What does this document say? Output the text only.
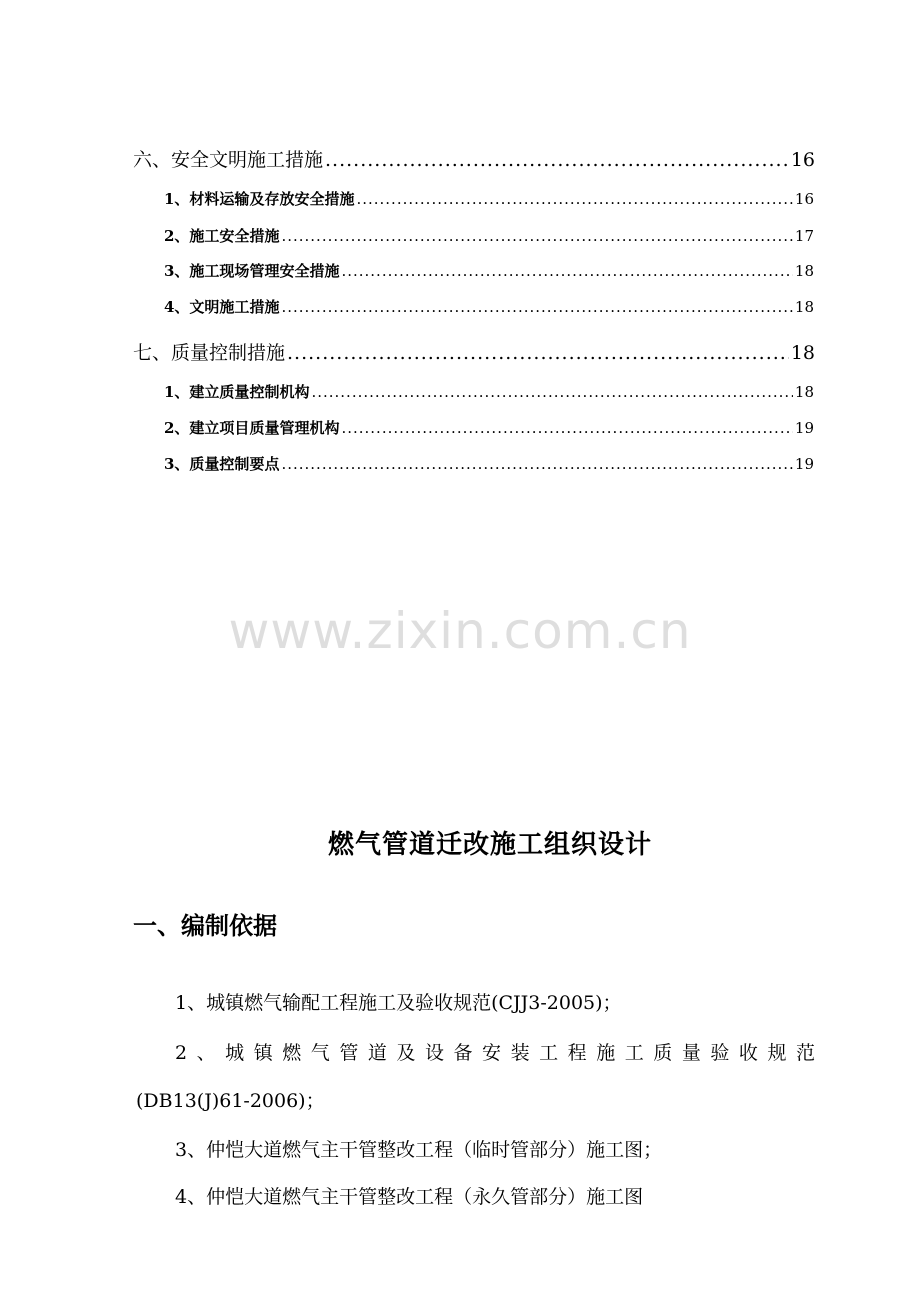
六、安全文明施工措施 .....	16
1、材料运输及存放安全措施 .....	16
2、施工安全措施 .....	17
3、施工现场管理安全措施 .....	18
4、文明施工措施 .....	18
七、质量控制措施 .....	18
1、建立质量控制机构 .....	18
2、建立项目质量管理机构 .....	19
3、质量控制要点 .....	19
www.zixin.com.cn
燃气管道迁改施工组织设计
一、编制依据
1、城镇燃气输配工程施工及验收规范(CJJ3-2005)；
2、城镇燃气管道及设备安装工程施工质量验收规范
(DB13(J)61-2006)；
3、仲恺大道燃气主干管整改工程（临时管部分）施工图；
4、仲恺大道燃气主干管整改工程（永久管部分）施工图
